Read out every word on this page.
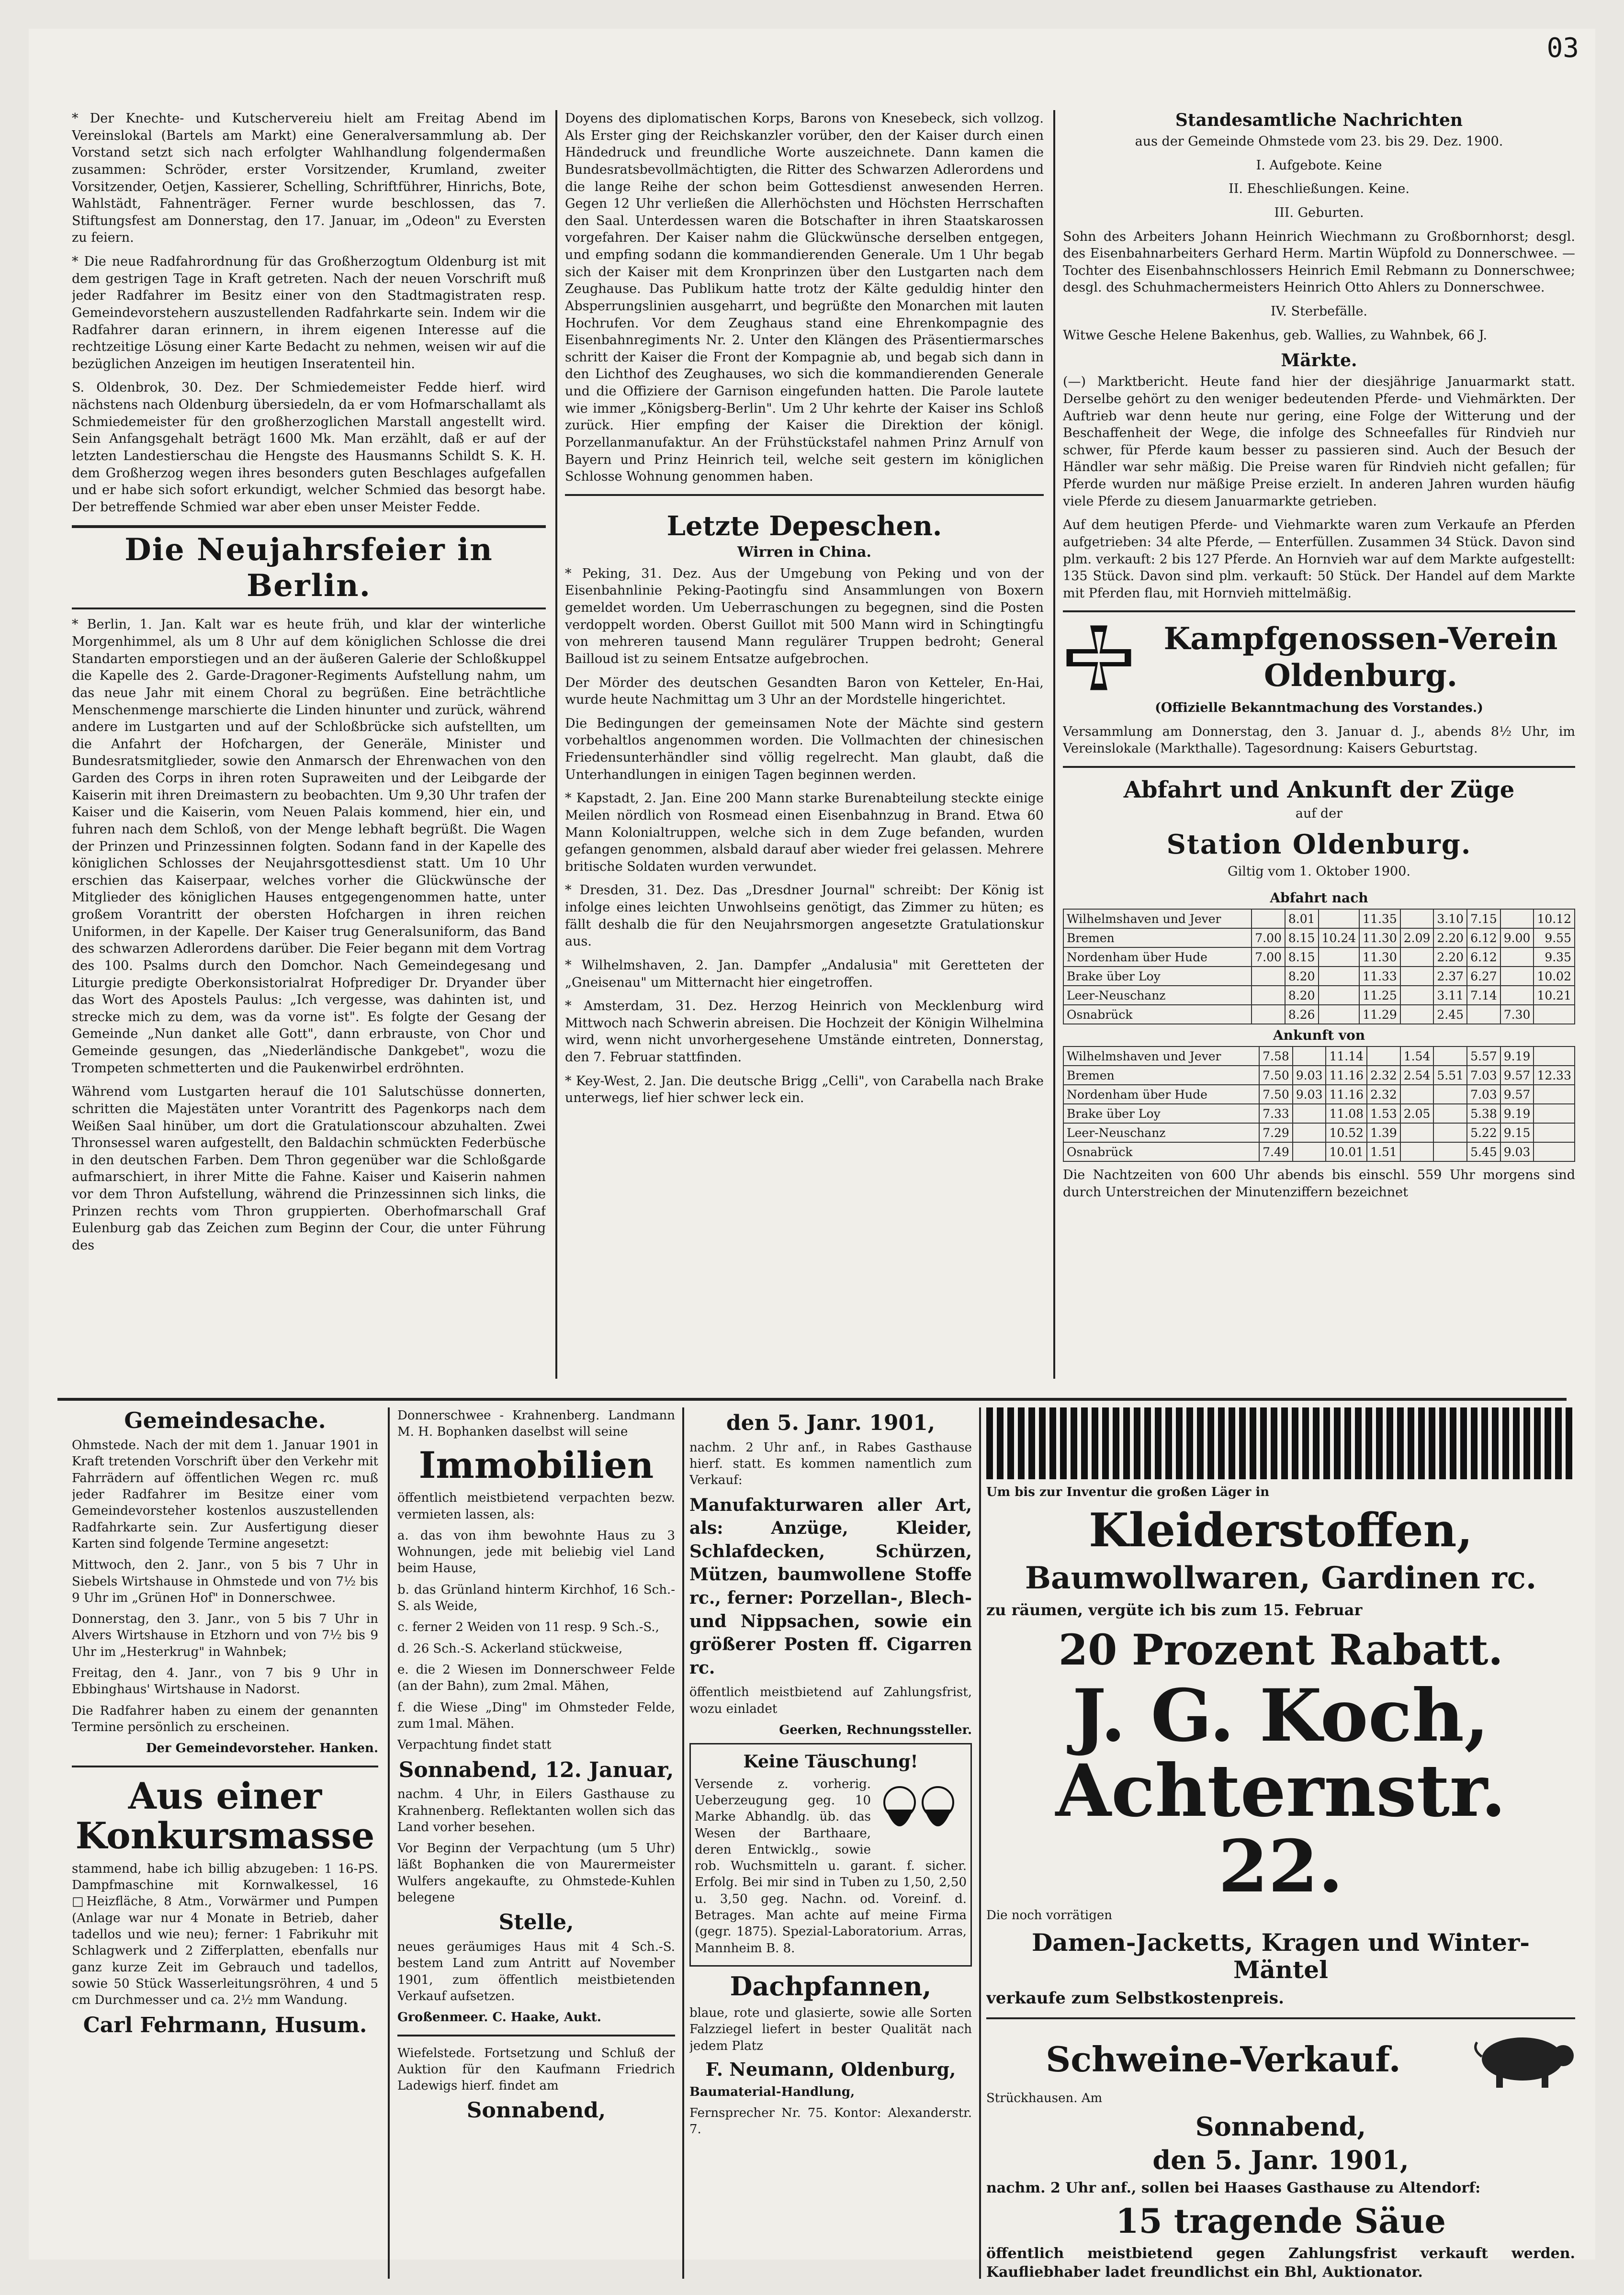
03

* Der Knechte- und Kutschervereiu hielt am Freitag Abend im Vereinslokal (Bartels am Markt) eine Generalversammlung ab. Der Vorstand setzt sich nach erfolgter Wahlhandlung folgendermaßen zusammen: Schröder, erster Vorsitzender, Krumland, zweiter Vorsitzender, Oetjen, Kassierer, Schelling, Schriftführer, Hinrichs, Bote, Wahlstädt, Fahnenträger. Ferner wurde beschlossen, das 7. Stiftungsfest am Donnerstag, den 17. Januar, im „Odeon" zu Eversten zu feiern.

* Die neue Radfahrordnung für das Großherzogtum Oldenburg ist mit dem gestrigen Tage in Kraft getreten. Nach der neuen Vorschrift muß jeder Radfahrer im Besitz einer von den Stadtmagistraten resp. Gemeindevorstehern auszustellenden Radfahrkarte sein. Indem wir die Radfahrer daran erinnern, in ihrem eigenen Interesse auf die rechtzeitige Lösung einer Karte Bedacht zu nehmen, weisen wir auf die bezüglichen Anzeigen im heutigen Inseratenteil hin.

S. Oldenbrok, 30. Dez. Der Schmiedemeister Fedde hierf. wird nächstens nach Oldenburg übersiedeln, da er vom Hofmarschallamt als Schmiedemeister für den großherzoglichen Marstall angestellt wird. Sein Anfangsgehalt beträgt 1600 Mk. Man erzählt, daß er auf der letzten Landestierschau die Hengste des Hausmanns Schildt S. K. H. dem Großherzog wegen ihres besonders guten Beschlages aufgefallen und er habe sich sofort erkundigt, welcher Schmied das besorgt habe. Der betreffende Schmied war aber eben unser Meister Fedde.

Die Neujahrsfeier in Berlin.

* Berlin, 1. Jan. Kalt war es heute früh, und klar der winterliche Morgenhimmel, als um 8 Uhr auf dem königlichen Schlosse die drei Standarten emporstiegen und an der äußeren Galerie der Schloßkuppel die Kapelle des 2. Garde-Dragoner-Regiments Aufstellung nahm, um das neue Jahr mit einem Choral zu begrüßen. Eine beträchtliche Menschenmenge marschierte die Linden hinunter und zurück, während andere im Lustgarten und auf der Schloßbrücke sich aufstellten, um die Anfahrt der Hofchargen, der Generäle, Minister und Bundesratsmitglieder, sowie den Anmarsch der Ehrenwachen von den Garden des Corps in ihren roten Supraweiten und der Leibgarde der Kaiserin mit ihren Dreimastern zu beobachten. Um 9,30 Uhr trafen der Kaiser und die Kaiserin, vom Neuen Palais kommend, hier ein, und fuhren nach dem Schloß, von der Menge lebhaft begrüßt. Die Wagen der Prinzen und Prinzessinnen folgten. Sodann fand in der Kapelle des königlichen Schlosses der Neujahrsgottesdienst statt. Um 10 Uhr erschien das Kaiserpaar, welches vorher die Glückwünsche der Mitglieder des königlichen Hauses entgegengenommen hatte, unter großem Vorantritt der obersten Hofchargen in ihren reichen Uniformen, in der Kapelle. Der Kaiser trug Generalsuniform, das Band des schwarzen Adlerordens darüber. Die Feier begann mit dem Vortrag des 100. Psalms durch den Domchor. Nach Gemeindegesang und Liturgie predigte Oberkonsistorialrat Hofprediger Dr. Dryander über das Wort des Apostels Paulus: „Ich vergesse, was dahinten ist, und strecke mich zu dem, was da vorne ist". Es folgte der Gesang der Gemeinde „Nun danket alle Gott", dann erbrauste, von Chor und Gemeinde gesungen, das „Niederländische Dankgebet", wozu die Trompeten schmetterten und die Paukenwirbel erdröhnten.

Während vom Lustgarten herauf die 101 Salutschüsse donnerten, schritten die Majestäten unter Vorantritt des Pagenkorps nach dem Weißen Saal hinüber, um dort die Gratulationscour abzuhalten. Zwei Thronsessel waren aufgestellt, den Baldachin schmückten Federbüsche in den deutschen Farben. Dem Thron gegenüber war die Schloßgarde aufmarschiert, in ihrer Mitte die Fahne. Kaiser und Kaiserin nahmen vor dem Thron Aufstellung, während die Prinzessinnen sich links, die Prinzen rechts vom Thron gruppierten. Oberhofmarschall Graf Eulenburg gab das Zeichen zum Beginn der Cour, die unter Führung des

Doyens des diplomatischen Korps, Barons von Knesebeck, sich vollzog. Als Erster ging der Reichskanzler vorüber, den der Kaiser durch einen Händedruck und freundliche Worte auszeichnete. Dann kamen die Bundesratsbevollmächtigten, die Ritter des Schwarzen Adlerordens und die lange Reihe der schon beim Gottesdienst anwesenden Herren. Gegen 12 Uhr verließen die Allerhöchsten und Höchsten Herrschaften den Saal. Unterdessen waren die Botschafter in ihren Staatskarossen vorgefahren. Der Kaiser nahm die Glückwünsche derselben entgegen, und empfing sodann die kommandierenden Generale. Um 1 Uhr begab sich der Kaiser mit dem Kronprinzen über den Lustgarten nach dem Zeughause. Das Publikum hatte trotz der Kälte geduldig hinter den Absperrungslinien ausgeharrt, und begrüßte den Monarchen mit lauten Hochrufen. Vor dem Zeughaus stand eine Ehrenkompagnie des Eisenbahnregiments Nr. 2. Unter den Klängen des Präsentiermarsches schritt der Kaiser die Front der Kompagnie ab, und begab sich dann in den Lichthof des Zeughauses, wo sich die kommandierenden Generale und die Offiziere der Garnison eingefunden hatten. Die Parole lautete wie immer „Königsberg-Berlin". Um 2 Uhr kehrte der Kaiser ins Schloß zurück. Hier empfing der Kaiser die Direktion der königl. Porzellanmanufaktur. An der Frühstückstafel nahmen Prinz Arnulf von Bayern und Prinz Heinrich teil, welche seit gestern im königlichen Schlosse Wohnung genommen haben.

Letzte Depeschen.
Wirren in China.

* Peking, 31. Dez. Aus der Umgebung von Peking und von der Eisenbahnlinie Peking-Paotingfu sind Ansammlungen von Boxern gemeldet worden. Um Ueberraschungen zu begegnen, sind die Posten verdoppelt worden. Oberst Guillot mit 500 Mann wird in Schingtingfu von mehreren tausend Mann regulärer Truppen bedroht; General Bailloud ist zu seinem Entsatze aufgebrochen.

Der Mörder des deutschen Gesandten Baron von Ketteler, En-Hai, wurde heute Nachmittag um 3 Uhr an der Mordstelle hingerichtet.

Die Bedingungen der gemeinsamen Note der Mächte sind gestern vorbehaltlos angenommen worden. Die Vollmachten der chinesischen Friedensunterhändler sind völlig regelrecht. Man glaubt, daß die Unterhandlungen in einigen Tagen beginnen werden.

* Kapstadt, 2. Jan. Eine 200 Mann starke Burenabteilung steckte einige Meilen nördlich von Rosmead einen Eisenbahnzug in Brand. Etwa 60 Mann Kolonialtruppen, welche sich in dem Zuge befanden, wurden gefangen genommen, alsbald darauf aber wieder frei gelassen. Mehrere britische Soldaten wurden verwundet.

* Dresden, 31. Dez. Das „Dresdner Journal" schreibt: Der König ist infolge eines leichten Unwohlseins genötigt, das Zimmer zu hüten; es fällt deshalb die für den Neujahrsmorgen angesetzte Gratulationskur aus.

* Wilhelmshaven, 2. Jan. Dampfer „Andalusia" mit Geretteten der „Gneisenau" um Mitternacht hier eingetroffen.

* Amsterdam, 31. Dez. Herzog Heinrich von Mecklenburg wird Mittwoch nach Schwerin abreisen. Die Hochzeit der Königin Wilhelmina wird, wenn nicht unvorhergesehene Umstände eintreten, Donnerstag, den 7. Februar stattfinden.

* Key-West, 2. Jan. Die deutsche Brigg „Celli", von Carabella nach Brake unterwegs, lief hier schwer leck ein.

Standesamtliche Nachrichten

aus der Gemeinde Ohmstede vom 23. bis 29. Dez. 1900.

I. Aufgebote. Keine

II. Eheschließungen. Keine.

III. Geburten.

Sohn des Arbeiters Johann Heinrich Wiechmann zu Großbornhorst; desgl. des Eisenbahnarbeiters Gerhard Herm. Martin Wüpfold zu Donnerschwee. — Tochter des Eisenbahnschlossers Heinrich Emil Rebmann zu Donnerschwee; desgl. des Schuhmachermeisters Heinrich Otto Ahlers zu Donnerschwee.

IV. Sterbefälle.

Witwe Gesche Helene Bakenhus, geb. Wallies, zu Wahnbek, 66 J.

Märkte.

(—) Marktbericht. Heute fand hier der diesjährige Januarmarkt statt. Derselbe gehört zu den weniger bedeutenden Pferde- und Viehmärkten. Der Auftrieb war denn heute nur gering, eine Folge der Witterung und der Beschaffenheit der Wege, die infolge des Schneefalles für Rindvieh nur schwer, für Pferde kaum besser zu passieren sind. Auch der Besuch der Händler war sehr mäßig. Die Preise waren für Rindvieh nicht gefallen; für Pferde wurden nur mäßige Preise erzielt. In anderen Jahren wurden häufig viele Pferde zu diesem Januarmarkte getrieben.

Auf dem heutigen Pferde- und Viehmarkte waren zum Verkaufe an Pferden aufgetrieben: 34 alte Pferde, — Enterfüllen. Zusammen 34 Stück. Davon sind plm. verkauft: 2 bis 127 Pferde. An Hornvieh war auf dem Markte aufgestellt: 135 Stück. Davon sind plm. verkauft: 50 Stück. Der Handel auf dem Markte mit Pferden flau, mit Hornvieh mittelmäßig.

Kampfgenossen-Verein Oldenburg.

(Offizielle Bekanntmachung des Vorstandes.)

Versammlung am Donnerstag, den 3. Januar d. J., abends 8½ Uhr, im Vereinslokale (Markthalle). Tagesordnung: Kaisers Geburtstag.

Abfahrt und Ankunft der Züge

auf der

Station Oldenburg.

Giltig vom 1. Oktober 1900.

Abfahrt nach
Wilhelmshaven und Jever		8.01		11.35		3.10	7.15		10.12
Bremen	7.00	8.15	10.24	11.30	2.09	2.20	6.12	9.00	9.55
Nordenham über Hude	7.00	8.15		11.30		2.20	6.12		9.35
Brake über Loy		8.20		11.33		2.37	6.27		10.02
Leer-Neuschanz		8.20		11.25		3.11	7.14		10.21
Osnabrück		8.26		11.29		2.45		7.30	
Ankunft von
Wilhelmshaven und Jever	7.58		11.14		1.54		5.57	9.19	
Bremen	7.50	9.03	11.16	2.32	2.54	5.51	7.03	9.57	12.33
Nordenham über Hude	7.50	9.03	11.16	2.32			7.03	9.57	
Brake über Loy	7.33		11.08	1.53	2.05		5.38	9.19	
Leer-Neuschanz	7.29		10.52	1.39			5.22	9.15	
Osnabrück	7.49		10.01	1.51			5.45	9.03	

Die Nachtzeiten von 600 Uhr abends bis einschl. 559 Uhr morgens sind durch Unterstreichen der Minutenziffern bezeichnet

Gemeindesache.

Ohmstede. Nach der mit dem 1. Januar 1901 in Kraft tretenden Vorschrift über den Verkehr mit Fahrrädern auf öffentlichen Wegen rc. muß jeder Radfahrer im Besitze einer vom Gemeindevorsteher kostenlos auszustellenden Radfahrkarte sein. Zur Ausfertigung dieser Karten sind folgende Termine angesetzt:

Mittwoch, den 2. Janr., von 5 bis 7 Uhr in Siebels Wirtshause in Ohmstede und von 7½ bis 9 Uhr im „Grünen Hof" in Donnerschwee.

Donnerstag, den 3. Janr., von 5 bis 7 Uhr in Alvers Wirtshause in Etzhorn und von 7½ bis 9 Uhr im „Hesterkrug" in Wahnbek;

Freitag, den 4. Janr., von 7 bis 9 Uhr in Ebbinghaus' Wirtshause in Nadorst.

Die Radfahrer haben zu einem der genannten Termine persönlich zu erscheinen.

Der Gemeindevorsteher. Hanken.

Aus einer Konkursmasse

stammend, habe ich billig abzugeben: 1 16-PS. Dampfmaschine mit Kornwalkessel, 16 □Heizfläche, 8 Atm., Vorwärmer und Pumpen (Anlage war nur 4 Monate in Betrieb, daher tadellos und wie neu); ferner: 1 Fabrikuhr mit Schlagwerk und 2 Zifferplatten, ebenfalls nur ganz kurze Zeit im Gebrauch und tadellos, sowie 50 Stück Wasserleitungsröhren, 4 und 5 cm Durchmesser und ca. 2½ mm Wandung.

Carl Fehrmann, Husum.

Donnerschwee - Krahnenberg. Landmann M. H. Bophanken daselbst will seine

Immobilien

öffentlich meistbietend verpachten bezw. vermieten lassen, als:

a. das von ihm bewohnte Haus zu 3 Wohnungen, jede mit beliebig viel Land beim Hause,

b. das Grünland hinterm Kirchhof, 16 Sch.-S. als Weide,

c. ferner 2 Weiden von 11 resp. 9 Sch.-S.,

d. 26 Sch.-S. Ackerland stückweise,

e. die 2 Wiesen im Donnerschweer Felde (an der Bahn), zum 2mal. Mähen,

f. die Wiese „Ding" im Ohmsteder Felde, zum 1mal. Mähen.

Verpachtung findet statt

Sonnabend, 12. Januar,

nachm. 4 Uhr, in Eilers Gasthause zu Krahnenberg. Reflektanten wollen sich das Land vorher besehen.

Vor Beginn der Verpachtung (um 5 Uhr) läßt Bophanken die von Maurermeister Wulfers angekaufte, zu Ohmstede-Kuhlen belegene

Stelle,

neues geräumiges Haus mit 4 Sch.-S. bestem Land zum Antritt auf November 1901, zum öffentlich meistbietenden Verkauf aufsetzen.

Großenmeer. C. Haake, Aukt.

Wiefelstede. Fortsetzung und Schluß der Auktion für den Kaufmann Friedrich Ladewigs hierf. findet am

Sonnabend,
den 5. Janr. 1901,

nachm. 2 Uhr anf., in Rabes Gasthause hierf. statt. Es kommen namentlich zum Verkauf:

Manufakturwaren aller Art, als: Anzüge, Kleider, Schlafdecken, Schürzen, Mützen, baumwollene Stoffe rc., ferner: Porzellan-, Blech- und Nippsachen, sowie ein größerer Posten ff. Cigarren rc.

öffentlich meistbietend auf Zahlungsfrist, wozu einladet

Geerken, Rechnungssteller.

Keine Täuschung!

Versende z. vorherig. Ueberzeugung geg. 10 Marke Abhandlg. üb. das Wesen der Barthaare, deren Entwicklg., sowie rob. Wuchsmitteln u. garant. f. sicher. Erfolg. Bei mir sind in Tuben zu 1,50, 2,50 u. 3,50 geg. Nachn. od. Voreinf. d. Betrages. Man achte auf meine Firma (gegr. 1875). Spezial-Laboratorium. Arras, Mannheim B. 8.

Dachpfannen,

blaue, rote und glasierte, sowie alle Sorten Falzziegel liefert in bester Qualität nach jedem Platz

F. Neumann, Oldenburg,

Baumaterial-Handlung,

Fernsprecher Nr. 75. Kontor: Alexanderstr. 7.

Um bis zur Inventur die großen Läger in

Kleiderstoffen,
Baumwollwaren, Gardinen rc.

zu räumen, vergüte ich bis zum 15. Februar

20 Prozent Rabatt.
J. G. Koch, Achternstr. 22.

Die noch vorrätigen

Damen-Jacketts, Kragen und Winter-Mäntel

verkaufe zum Selbstkostenpreis.

Schweine-Verkauf.

Strückhausen. Am

Sonnabend,
den 5. Janr. 1901,

nachm. 2 Uhr anf., sollen bei Haases Gasthause zu Altendorf:

15 tragende Säue

öffentlich meistbietend gegen Zahlungsfrist verkauft werden. Kaufliebhaber ladet freundlichst ein Bhl, Auktionator.
